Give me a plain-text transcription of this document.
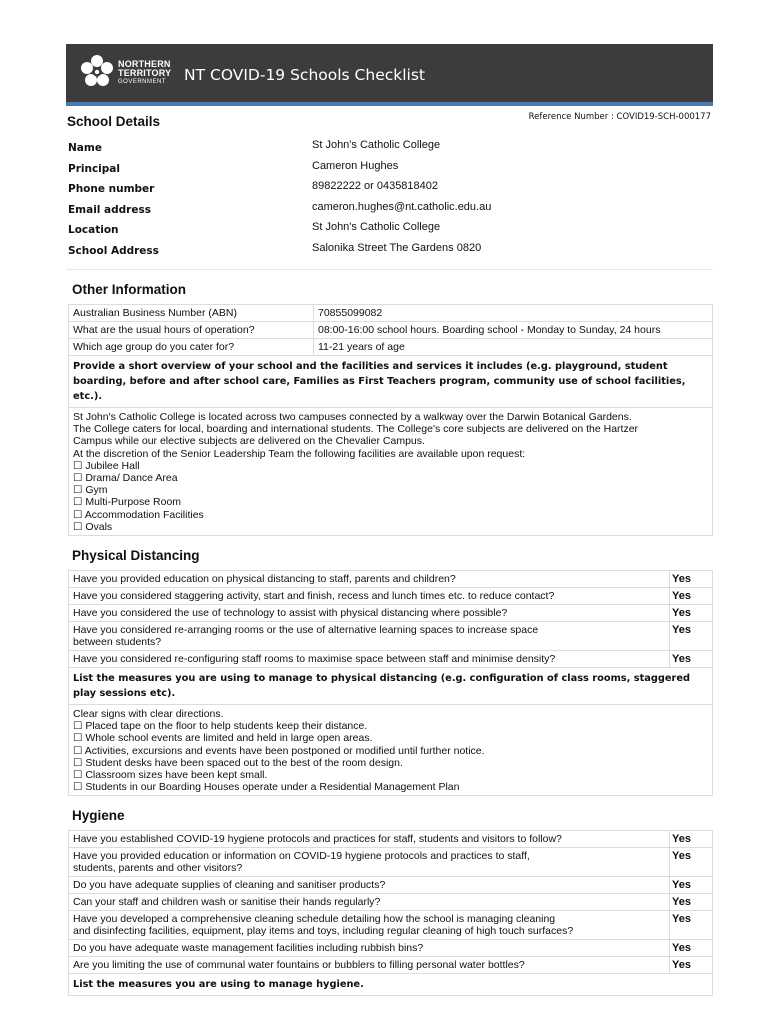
NORTHERN
TERRITORY
GOVERNMENT	NT COVID-19 Schools Checklist
School Details	Reference Number : COVID19-SCH-000177
Name	St John's Catholic College
Principal	Cameron Hughes
Phone number	89822222 or 0435818402
Email address	cameron.hughes@nt.catholic.edu.au
Location	St John's Catholic College
School Address	Salonika Street The Gardens 0820
Other Information
Australian Business Number (ABN)	70855099082
What are the usual hours of operation?	08:00-16:00 school hours. Boarding school - Monday to Sunday, 24 hours
Which age group do you cater for?	11-21 years of age
Provide a short overview of your school and the facilities and services it includes (e.g. playground, student boarding, before and after school care, Families as First Teachers program, community use of school facilities, etc.).
St John's Catholic College is located across two campuses connected by a walkway over the Darwin Botanical Gardens.
The College caters for local, boarding and international students. The College's core subjects are delivered on the Hartzer
Campus while our elective subjects are delivered on the Chevalier Campus.
At the discretion of the Senior Leadership Team the following facilities are available upon request:
☐ Jubilee Hall
☐ Drama/ Dance Area
☐ Gym
☐ Multi-Purpose Room
☐ Accommodation Facilities
☐ Ovals
Physical Distancing
Have you provided education on physical distancing to staff, parents and children?	Yes
Have you considered staggering activity, start and finish, recess and lunch times etc. to reduce contact?	Yes
Have you considered the use of technology to assist with physical distancing where possible?	Yes
Have you considered re-arranging rooms or the use of alternative learning spaces to increase space
between students?
Yes
Have you considered re-configuring staff rooms to maximise space between staff and minimise density?	Yes
List the measures you are using to manage to physical distancing (e.g. configuration of class rooms, staggered play sessions etc).
Clear signs with clear directions.
☐ Placed tape on the floor to help students keep their distance.
☐ Whole school events are limited and held in large open areas.
☐ Activities, excursions and events have been postponed or modified until further notice.
☐ Student desks have been spaced out to the best of the room design.
☐ Classroom sizes have been kept small.
☐ Students in our Boarding Houses operate under a Residential Management Plan
Hygiene
Have you established COVID-19 hygiene protocols and practices for staff, students and visitors to follow?	Yes
Have you provided education or information on COVID-19 hygiene protocols and practices to staff,
students, parents and other visitors?
Yes
Do you have adequate supplies of cleaning and sanitiser products?	Yes
Can your staff and children wash or sanitise their hands regularly?	Yes
Have you developed a comprehensive cleaning schedule detailing how the school is managing cleaning
and disinfecting facilities, equipment, play items and toys, including regular cleaning of high touch surfaces?
Yes
Do you have adequate waste management facilities including rubbish bins?	Yes
Are you limiting the use of communal water fountains or bubblers to filling personal water bottles?	Yes
List the measures you are using to manage hygiene.
